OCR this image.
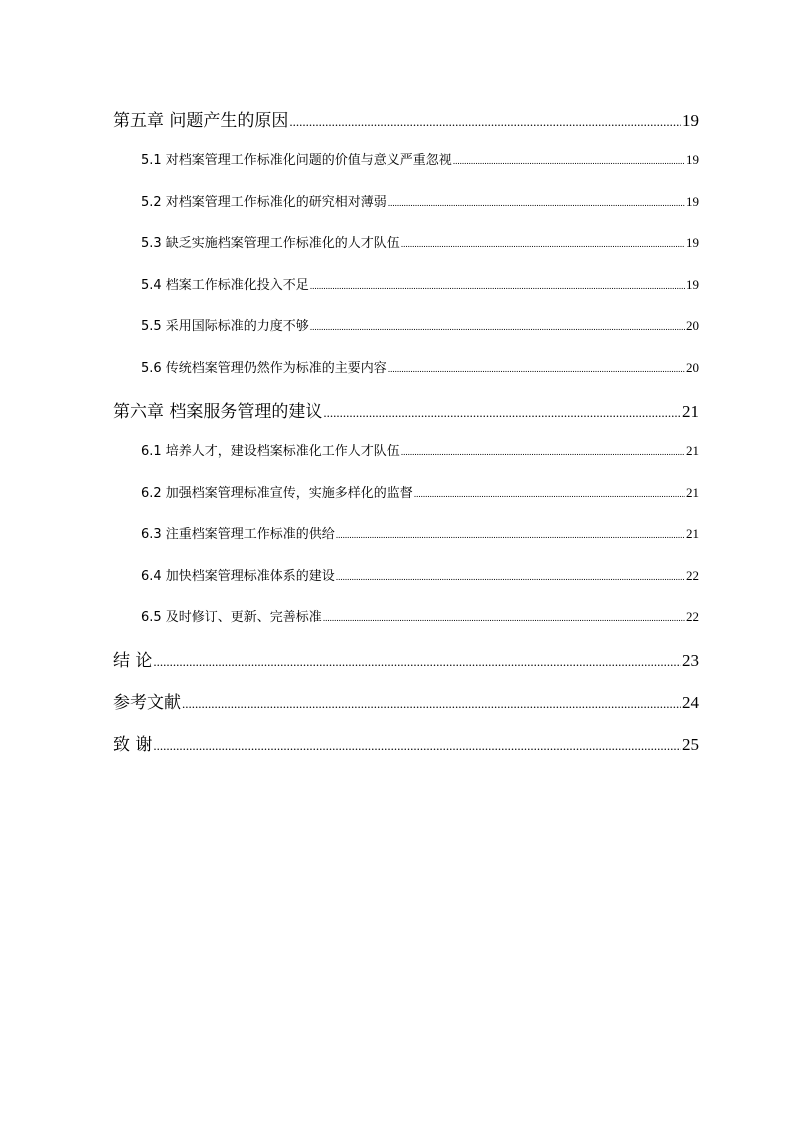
第五章 问题产生的原因 .....	19
5.1 对档案管理工作标准化问题的价值与意义严重忽视 .....	19
5.2 对档案管理工作标准化的研究相对薄弱 .....	19
5.3 缺乏实施档案管理工作标准化的人才队伍 .....	19
5.4 档案工作标准化投入不足 .....	19
5.5 采用国际标准的力度不够 .....	20
5.6 传统档案管理仍然作为标准的主要内容 .....	20
第六章 档案服务管理的建议 .....	21
6.1 培养人才，建设档案标准化工作人才队伍 .....	21
6.2 加强档案管理标准宣传，实施多样化的监督 .....	21
6.3 注重档案管理工作标准的供给 .....	21
6.4 加快档案管理标准体系的建设 .....	22
6.5 及时修订、更新、完善标准 .....	22
结 论 .....	23
参考文献 .....	24
致 谢 .....	25
